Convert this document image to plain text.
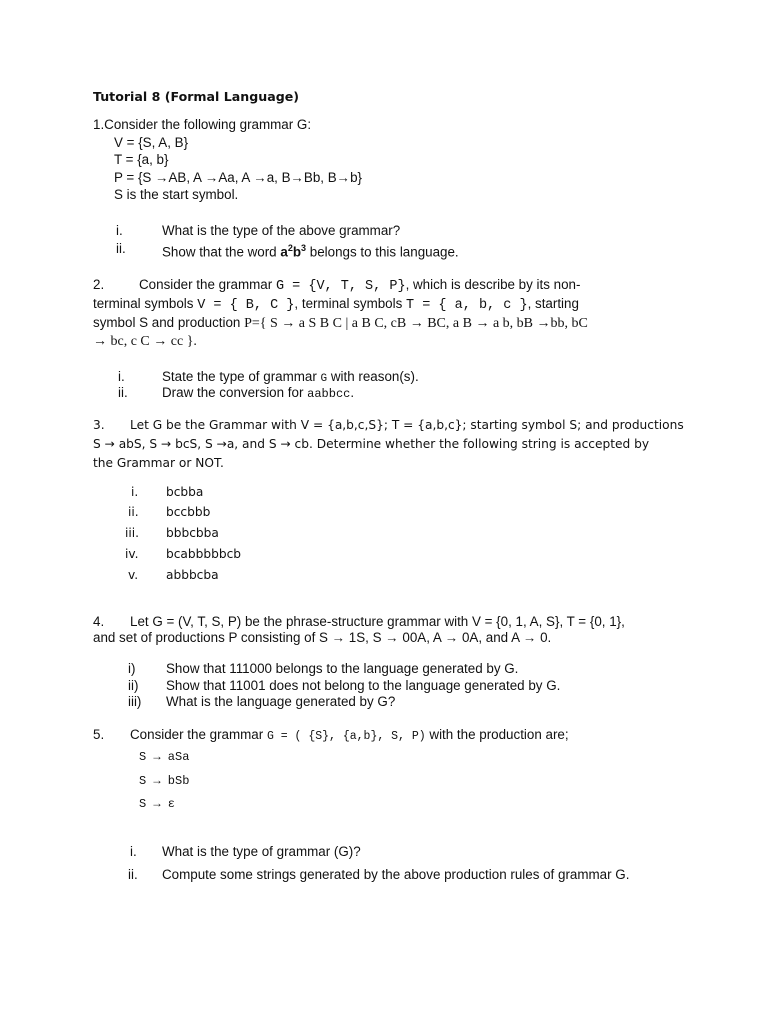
Tutorial 8 (Formal Language)
1.Consider the following grammar G:
V = {S, A, B}
T = {a, b}
P = {S →AB, A →Aa, A →a, B→Bb, B→b}
S is the start symbol.
i.	What is the type of the above grammar?
ii.	Show that the word $a^2b^3$ belongs to this language.
2.	Consider the grammar G = {V, T, S, P}, which is describe by its non-
terminal symbols V = { B, C }, terminal symbols T = { a, b, c }, starting
symbol S and production P={ S → a S B C | a B C, cB → BC, a B → a b, bB →bb, bC
→ bc, c C → cc }.
i.	State the type of grammar G with reason(s).
ii.	Draw the conversion for aabbcc.
3. Let G be the Grammar with V = {a,b,c,S}; T = {a,b,c}; starting symbol S; and productions
S → abS, S → bcS, S →a, and S → cb. Determine whether the following string is accepted by
the Grammar or NOT.
i. bcbba
ii. bccbbb
iii. bbbcbba
iv. bcabbbbbcb
v. abbbcba
4. Let G = (V, T, S, P) be the phrase-structure grammar with V = {0, 1, A, S}, T = {0, 1},
and set of productions P consisting of S → 1S, S → 00A, A → 0A, and A → 0.
i) Show that 111000 belongs to the language generated by G.
ii) Show that 11001 does not belong to the language generated by G.
iii) What is the language generated by G?
5. Consider the grammar G = ( {S}, {a,b}, S, P) with the production are;
S → aSa
S → bSb
S → ε
i. What is the type of grammar (G)?
ii. Compute some strings generated by the above production rules of grammar G.
